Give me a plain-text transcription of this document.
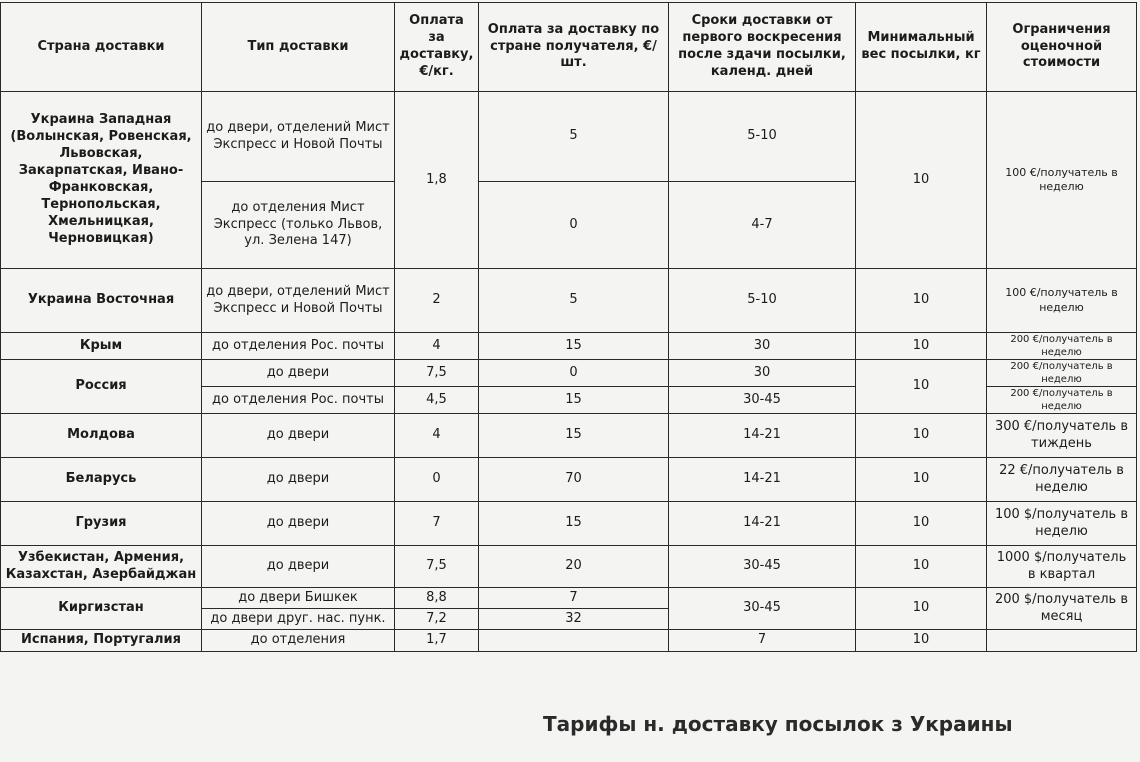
Страна доставки	Тип доставки	Оплата за доставку, €/кг.	Оплата за доставку по стране получателя, €/шт.	Сроки доставки от первого воскресения после здачи посылки, календ. дней	Минимальный вес посылки, кг	Ограничения оценочной стоимости
Украина Западная (Волынская, Ровенская, Львовская, Закарпатская, Ивано-Франковская, Тернопольская, Хмельницкая, Черновицкая)	до двери, отделений Мист Экспресс и Новой Почты	1,8	5	5-10	10	100 €/получатель в неделю
	до отделения Мист Экспресс (только Львов, ул. Зелена 147)		0	4-7		
Украина Восточная	до двери, отделений Мист Экспресс и Новой Почты	2	5	5-10	10	100 €/получатель в неделю
Крым	до отделения Рос. почты	4	15	30	10	200 €/получатель в неделю
Россия	до двери	7,5	0	30	10	200 €/получатель в неделю
	до отделения Рос. почты	4,5	15	30-45		200 €/получатель в неделю
Молдова	до двери	4	15	14-21	10	300 €/получатель в тиждень
Беларусь	до двери	0	70	14-21	10	22 €/получатель в неделю
Грузия	до двери	7	15	14-21	10	100 $/получатель в неделю
Узбекистан, Армения, Казахстан, Азербайджан	до двери	7,5	20	30-45	10	1000 $/получатель в квартал
Киргизстан	до двери Бишкек	8,8	7	30-45	10	200 $/получатель в месяц
	до двери друг. нас. пунк.	7,2	32			
Испания, Португалия	до отделения	1,7		7	10	
Тарифы н. доставку посылок з Украины
